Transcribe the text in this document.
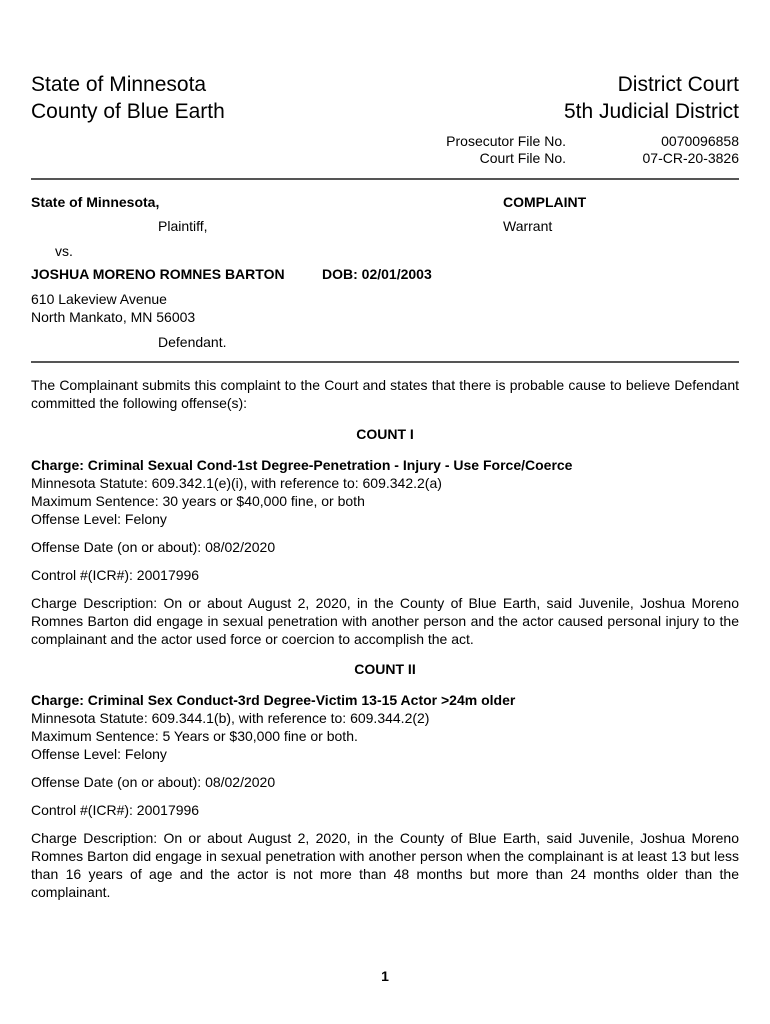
State of Minnesota
County of Blue Earth
District Court
5th Judicial District
Prosecutor File No.	0070096858
Court File No.	07-CR-20-3826
State of Minnesota,
Plaintiff,
COMPLAINT
Warrant
vs.
JOSHUA MORENO ROMNES BARTON	DOB: 02/01/2003
610 Lakeview Avenue
North Mankato, MN 56003
Defendant.
The Complainant submits this complaint to the Court and states that there is probable cause to believe Defendant committed the following offense(s):
COUNT I
Charge: Criminal Sexual Cond-1st Degree-Penetration - Injury - Use Force/Coerce
Minnesota Statute: 609.342.1(e)(i), with reference to: 609.342.2(a)
Maximum Sentence: 30 years or $40,000 fine, or both
Offense Level: Felony
Offense Date (on or about): 08/02/2020
Control #(ICR#): 20017996
Charge Description: On or about August 2, 2020, in the County of Blue Earth, said Juvenile, Joshua Moreno Romnes Barton did engage in sexual penetration with another person and the actor caused personal injury to the complainant and the actor used force or coercion to accomplish the act.
COUNT II
Charge: Criminal Sex Conduct-3rd Degree-Victim 13-15 Actor >24m older
Minnesota Statute: 609.344.1(b), with reference to: 609.344.2(2)
Maximum Sentence: 5 Years or $30,000 fine or both.
Offense Level: Felony
Offense Date (on or about): 08/02/2020
Control #(ICR#): 20017996
Charge Description: On or about August 2, 2020, in the County of Blue Earth, said Juvenile, Joshua Moreno Romnes Barton did engage in sexual penetration with another person when the complainant is at least 13 but less than 16 years of age and the actor is not more than 48 months but more than 24 months older than the complainant.
1
